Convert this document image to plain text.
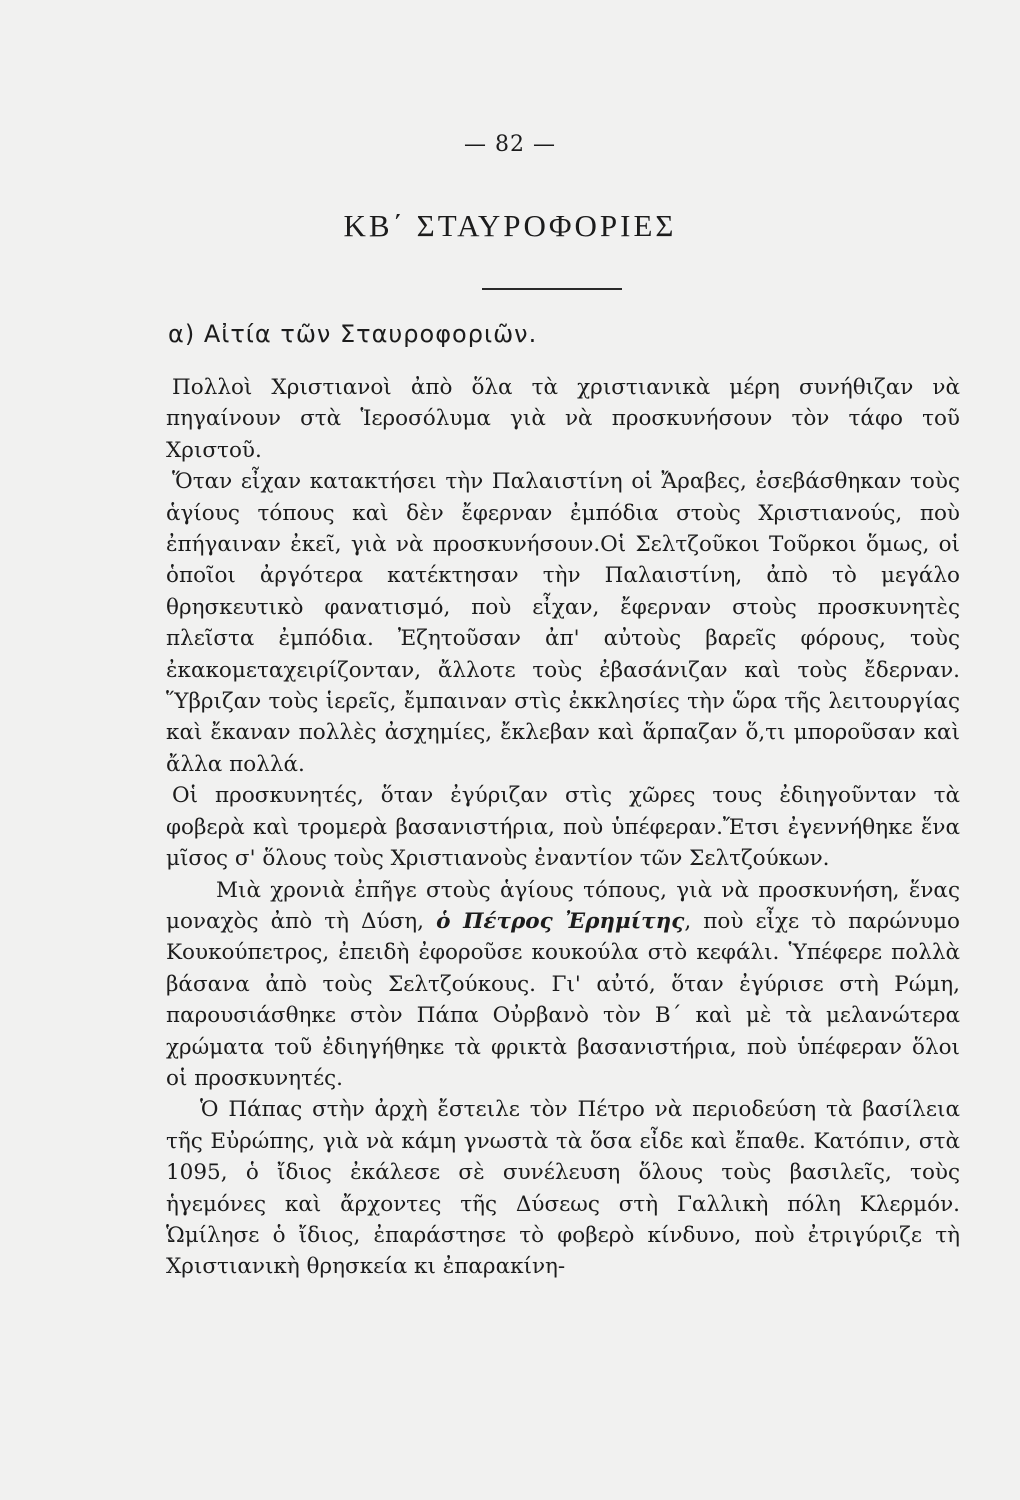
— 82 —
ΚΒ΄ ΣΤΑΥΡΟΦΟΡΙΕΣ
α) Αἰτία τῶν Σταυροφοριῶν.

Πολλοὶ Χριστιανοὶ ἀπὸ ὅλα τὰ χριστιανικὰ μέρη συνήθιζαν νὰ πηγαίνουν στὰ Ἱεροσόλυμα γιὰ νὰ προσκυνήσουν τὸν τάφο τοῦ Χριστοῦ.

Ὅταν εἶχαν κατακτήσει τὴν Παλαιστίνη οἱ Ἄραβες, ἐσεβάσθηκαν τοὺς ἁγίους τόπους καὶ δὲν ἔφερναν ἐμπόδια στοὺς Χριστιανούς, ποὺ ἐπήγαιναν ἐκεῖ, γιὰ νὰ προσκυνήσουν.Οἱ Σελτζοῦκοι Τοῦρκοι ὅμως, οἱ ὁποῖοι ἀργότερα κατέκτησαν τὴν Παλαιστίνη, ἀπὸ τὸ μεγάλο θρησκευτικὸ φανατισμό, ποὺ εἶχαν, ἔφερναν στοὺς προσκυνητὲς πλεῖστα ἐμπόδια. Ἐζητοῦσαν ἀπ' αὐτοὺς βαρεῖς φόρους, τοὺς ἐκακομεταχειρίζονταν, ἄλλοτε τοὺς ἐβασάνιζαν καὶ τοὺς ἔδερναν. Ὕβριζαν τοὺς ἱερεῖς, ἔμπαιναν στὶς ἐκκλησίες τὴν ὥρα τῆς λειτουργίας καὶ ἔκαναν πολλὲς ἀσχημίες, ἔκλεβαν καὶ ἅρπαζαν ὅ,τι μποροῦσαν καὶ ἄλλα πολλά.

Οἱ προσκυνητές, ὅταν ἐγύριζαν στὶς χῶρες τους ἐδιηγοῦνταν τὰ φοβερὰ καὶ τρομερὰ βασανιστήρια, ποὺ ὑπέφεραν.Ἔτσι ἐγεννήθηκε ἕνα μῖσος σ' ὅλους τοὺς Χριστιανοὺς ἐναντίον τῶν Σελτζούκων.

Μιὰ χρονιὰ ἐπῆγε στοὺς ἁγίους τόπους, γιὰ νὰ προσκυνήση, ἕνας μοναχὸς ἀπὸ τὴ Δύση, ὁ Πέτρος Ἐρημίτης, ποὺ εἶχε τὸ παρώνυμο Κουκούπετρος, ἐπειδὴ ἐφοροῦσε κουκούλα στὸ κεφάλι. Ὑπέφερε πολλὰ βάσανα ἀπὸ τοὺς Σελτζούκους. Γι' αὐτό, ὅταν ἐγύρισε στὴ Ρώμη, παρουσιάσθηκε στὸν Πάπα Οὐρβανὸ τὸν Β΄ καὶ μὲ τὰ μελανώτερα χρώματα τοῦ ἐδιηγήθηκε τὰ φρικτὰ βασανιστήρια, ποὺ ὑπέφεραν ὅλοι οἱ προσκυνητές.

Ὁ Πάπας στὴν ἀρχὴ ἔστειλε τὸν Πέτρο νὰ περιοδεύση τὰ βασίλεια τῆς Εὐρώπης, γιὰ νὰ κάμη γνωστὰ τὰ ὅσα εἶδε καὶ ἔπαθε. Κατόπιν, στὰ 1095, ὁ ἴδιος ἐκάλεσε σὲ συνέλευση ὅλους τοὺς βασιλεῖς, τοὺς ἡγεμόνες καὶ ἄρχοντες τῆς Δύσεως στὴ Γαλλικὴ πόλη Κλερμόν. Ὡμίλησε ὁ ἴδιος, ἐπαράστησε τὸ φοβερὸ κίνδυνο, ποὺ ἐτριγύριζε τὴ Χριστιανικὴ θρησκεία κι ἐπαρακίνη-
